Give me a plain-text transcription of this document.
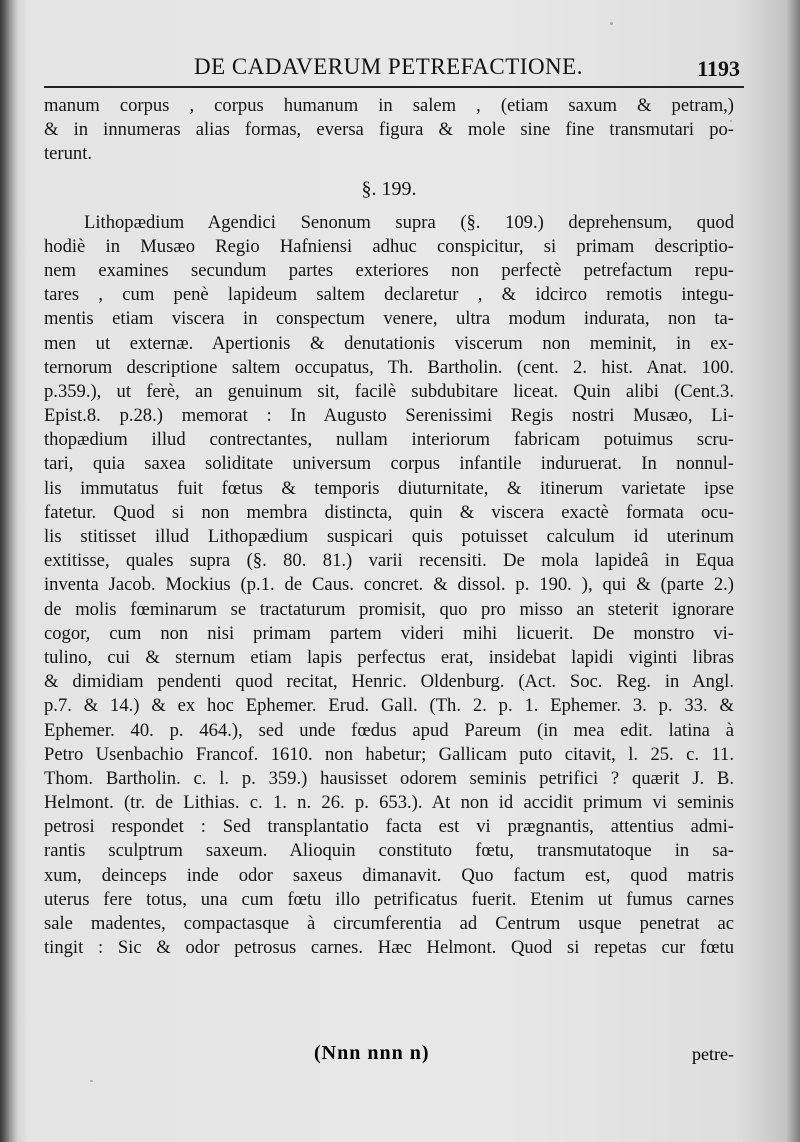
DE CADAVERUM PETREFACTIONE.	1193
manum corpus , corpus humanum in salem , (etiam saxum & petram,)
& in innumeras alias formas, eversa figura & mole sine fine transmutari po-
terunt.
§. 199.
Lithopædium Agendici Senonum supra (§. 109.) deprehensum, quod
hodiè in Musæo Regio Hafniensi adhuc conspicitur, si primam descriptio-
nem examines secundum partes exteriores non perfectè petrefactum repu-
tares , cum penè lapideum saltem declaretur , & idcirco remotis integu-
mentis etiam viscera in conspectum venere, ultra modum indurata, non ta-
men ut externæ. Apertionis & denutationis viscerum non meminit, in ex-
ternorum descriptione saltem occupatus, Th. Bartholin. (cent. 2. hist. Anat. 100.
p.359.), ut ferè, an genuinum sit, facilè subdubitare liceat. Quin alibi (Cent.3.
Epist.8. p.28.) memorat : In Augusto Serenissimi Regis nostri Musæo, Li-
thopædium illud contrectantes, nullam interiorum fabricam potuimus scru-
tari, quia saxea soliditate universum corpus infantile induruerat. In nonnul-
lis immutatus fuit fœtus & temporis diuturnitate, & itinerum varietate ipse
fatetur. Quod si non membra distincta, quin & viscera exactè formata ocu-
lis stitisset illud Lithopædium suspicari quis potuisset calculum id uterinum
extitisse, quales supra (§. 80. 81.) varii recensiti. De mola lapideâ in Equa
inventa Jacob. Mockius (p.1. de Caus. concret. & dissol. p. 190. ), qui & (parte 2.)
de molis fœminarum se tractaturum promisit, quo pro misso an steterit ignorare
cogor, cum non nisi primam partem videri mihi licuerit. De monstro vi-
tulino, cui & sternum etiam lapis perfectus erat, insidebat lapidi viginti libras
& dimidiam pendenti quod recitat, Henric. Oldenburg. (Act. Soc. Reg. in Angl.
p.7. & 14.) & ex hoc Ephemer. Erud. Gall. (Th. 2. p. 1. Ephemer. 3. p. 33. &
Ephemer. 40. p. 464.), sed unde fœdus apud Pareum (in mea edit. latina à
Petro Usenbachio Francof. 1610. non habetur; Gallicam puto citavit, l. 25. c. 11.
Thom. Bartholin. c. l. p. 359.) hausisset odorem seminis petrifici ? quærit J. B.
Helmont. (tr. de Lithias. c. 1. n. 26. p. 653.). At non id accidit primum vi seminis
petrosi respondet : Sed transplantatio facta est vi prægnantis, attentius admi-
rantis sculptrum saxeum. Alioquin constituto fœtu, transmutatoque in sa-
xum, deinceps inde odor saxeus dimanavit. Quo factum est, quod matris
uterus fere totus, una cum fœtu illo petrificatus fuerit. Etenim ut fumus carnes
sale madentes, compactasque à circumferentia ad Centrum usque penetrat ac
tingit : Sic & odor petrosus carnes. Hæc Helmont. Quod si repetas cur fœtu
(Nnn nnn n)	petre-
